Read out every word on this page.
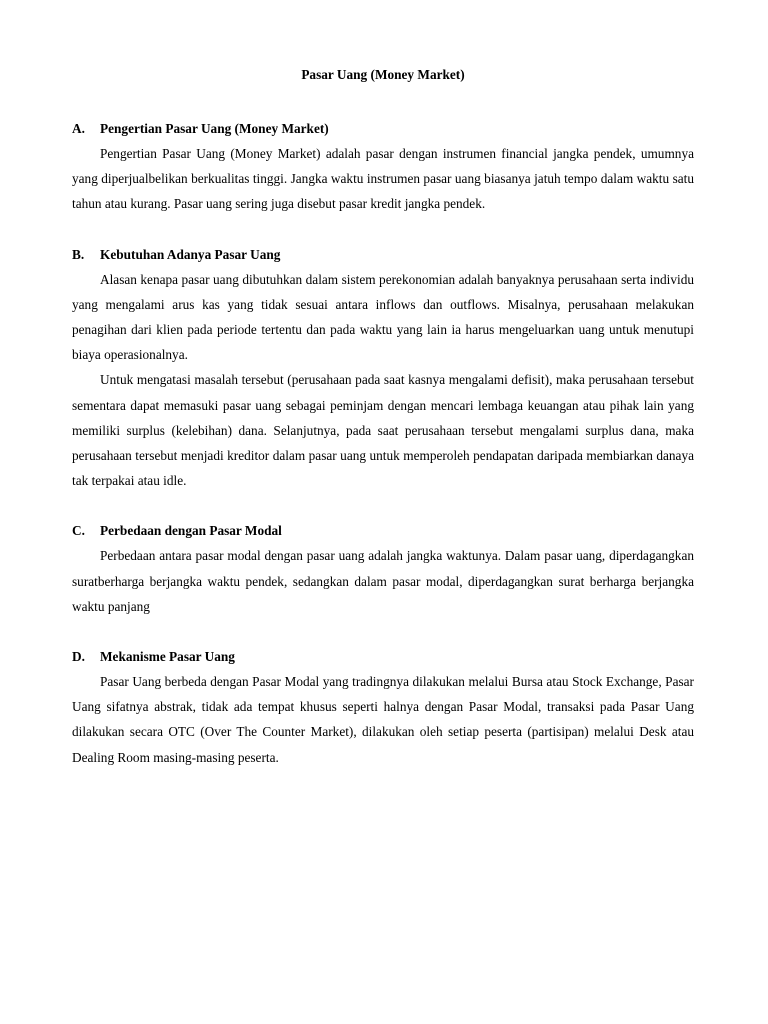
Pasar Uang (Money Market)
A.	Pengertian Pasar Uang (Money Market)

Pengertian Pasar Uang (Money Market) adalah pasar dengan instrumen financial jangka pendek, umumnya yang diperjualbelikan berkualitas tinggi. Jangka waktu instrumen pasar uang biasanya jatuh tempo dalam waktu satu tahun atau kurang. Pasar uang sering juga disebut pasar kredit jangka pendek.

B.	Kebutuhan Adanya Pasar Uang

Alasan kenapa pasar uang dibutuhkan dalam sistem perekonomian adalah banyaknya perusahaan serta individu yang mengalami arus kas yang tidak sesuai antara inflows dan outflows. Misalnya, perusahaan melakukan penagihan dari klien pada periode tertentu dan pada waktu yang lain ia harus mengeluarkan uang untuk menutupi biaya operasionalnya.

Untuk mengatasi masalah tersebut (perusahaan pada saat kasnya mengalami defisit), maka perusahaan tersebut sementara dapat memasuki pasar uang sebagai peminjam dengan mencari lembaga keuangan atau pihak lain yang memiliki surplus (kelebihan) dana. Selanjutnya, pada saat perusahaan tersebut mengalami surplus dana, maka perusahaan tersebut menjadi kreditor dalam pasar uang untuk memperoleh pendapatan daripada membiarkan danaya tak terpakai atau idle.

C.	Perbedaan dengan Pasar Modal

Perbedaan antara pasar modal dengan pasar uang adalah jangka waktunya. Dalam pasar uang, diperdagangkan suratberharga berjangka waktu pendek, sedangkan dalam pasar modal, diperdagangkan surat berharga berjangka waktu panjang

D.	Mekanisme Pasar Uang

Pasar Uang berbeda dengan Pasar Modal yang tradingnya dilakukan melalui Bursa atau Stock Exchange, Pasar Uang sifatnya abstrak, tidak ada tempat khusus seperti halnya dengan Pasar Modal, transaksi pada Pasar Uang dilakukan secara OTC (Over The Counter Market), dilakukan oleh setiap peserta (partisipan) melalui Desk atau Dealing Room masing-masing peserta.
